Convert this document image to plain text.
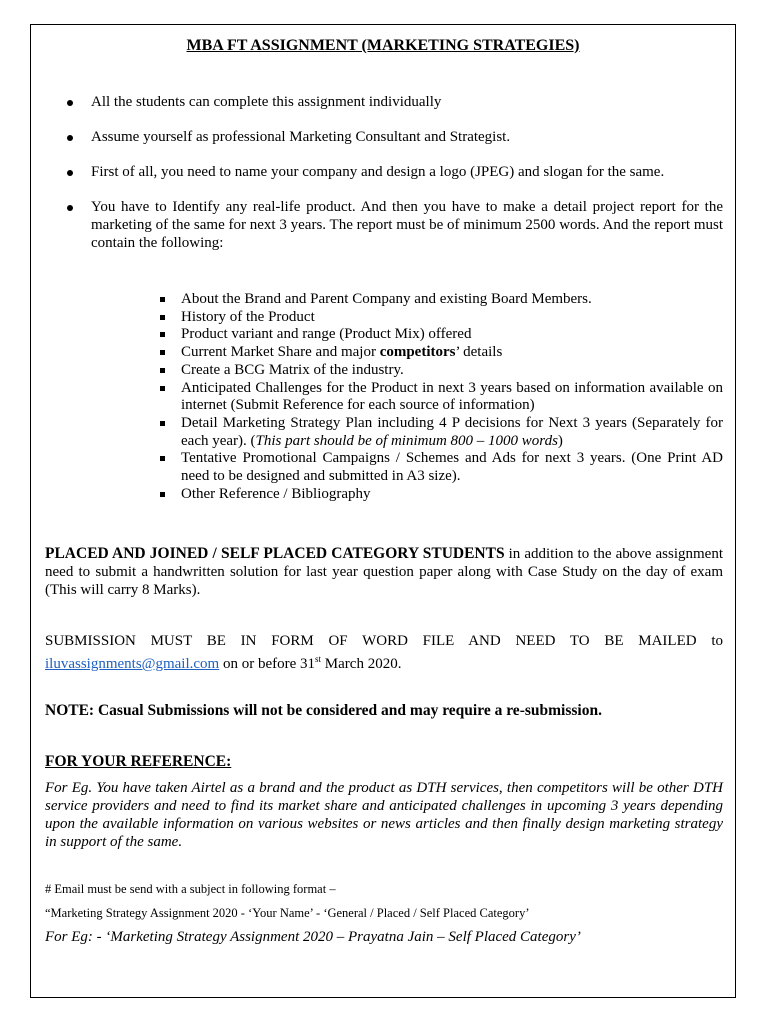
MBA FT ASSIGNMENT (MARKETING STRATEGIES)
All the students can complete this assignment individually
Assume yourself as professional Marketing Consultant and Strategist.
First of all, you need to name your company and design a logo (JPEG) and slogan for the same.
You have to Identify any real-life product. And then you have to make a detail project report for the marketing of the same for next 3 years. The report must be of minimum 2500 words. And the report must contain the following:
About the Brand and Parent Company and existing Board Members.
History of the Product
Product variant and range (Product Mix) offered
Current Market Share and major competitors’ details
Create a BCG Matrix of the industry.
Anticipated Challenges for the Product in next 3 years based on information available on internet (Submit Reference for each source of information)
Detail Marketing Strategy Plan including 4 P decisions for Next 3 years (Separately for each year). (This part should be of minimum 800 – 1000 words)
Tentative Promotional Campaigns / Schemes and Ads for next 3 years. (One Print AD need to be designed and submitted in A3 size).
Other Reference / Bibliography

PLACED AND JOINED / SELF PLACED CATEGORY STUDENTS in addition to the above assignment need to submit a handwritten solution for last year question paper along with Case Study on the day of exam (This will carry 8 Marks).

SUBMISSION MUST BE IN FORM OF WORD FILE AND NEED TO BE MAILED to iluvassignments@gmail.com on or before 31st March 2020.

NOTE: Casual Submissions will not be considered and may require a re-submission.

FOR YOUR REFERENCE:

For Eg. You have taken Airtel as a brand and the product as DTH services, then competitors will be other DTH service providers and need to find its market share and anticipated challenges in upcoming 3 years depending upon the available information on various websites or news articles and then finally design marketing strategy in support of the same.

# Email must be send with a subject in following format –

“Marketing Strategy Assignment 2020 - ‘Your Name’ - ‘General / Placed / Self Placed Category’

For Eg: - ‘Marketing Strategy Assignment 2020 – Prayatna Jain – Self Placed Category’
